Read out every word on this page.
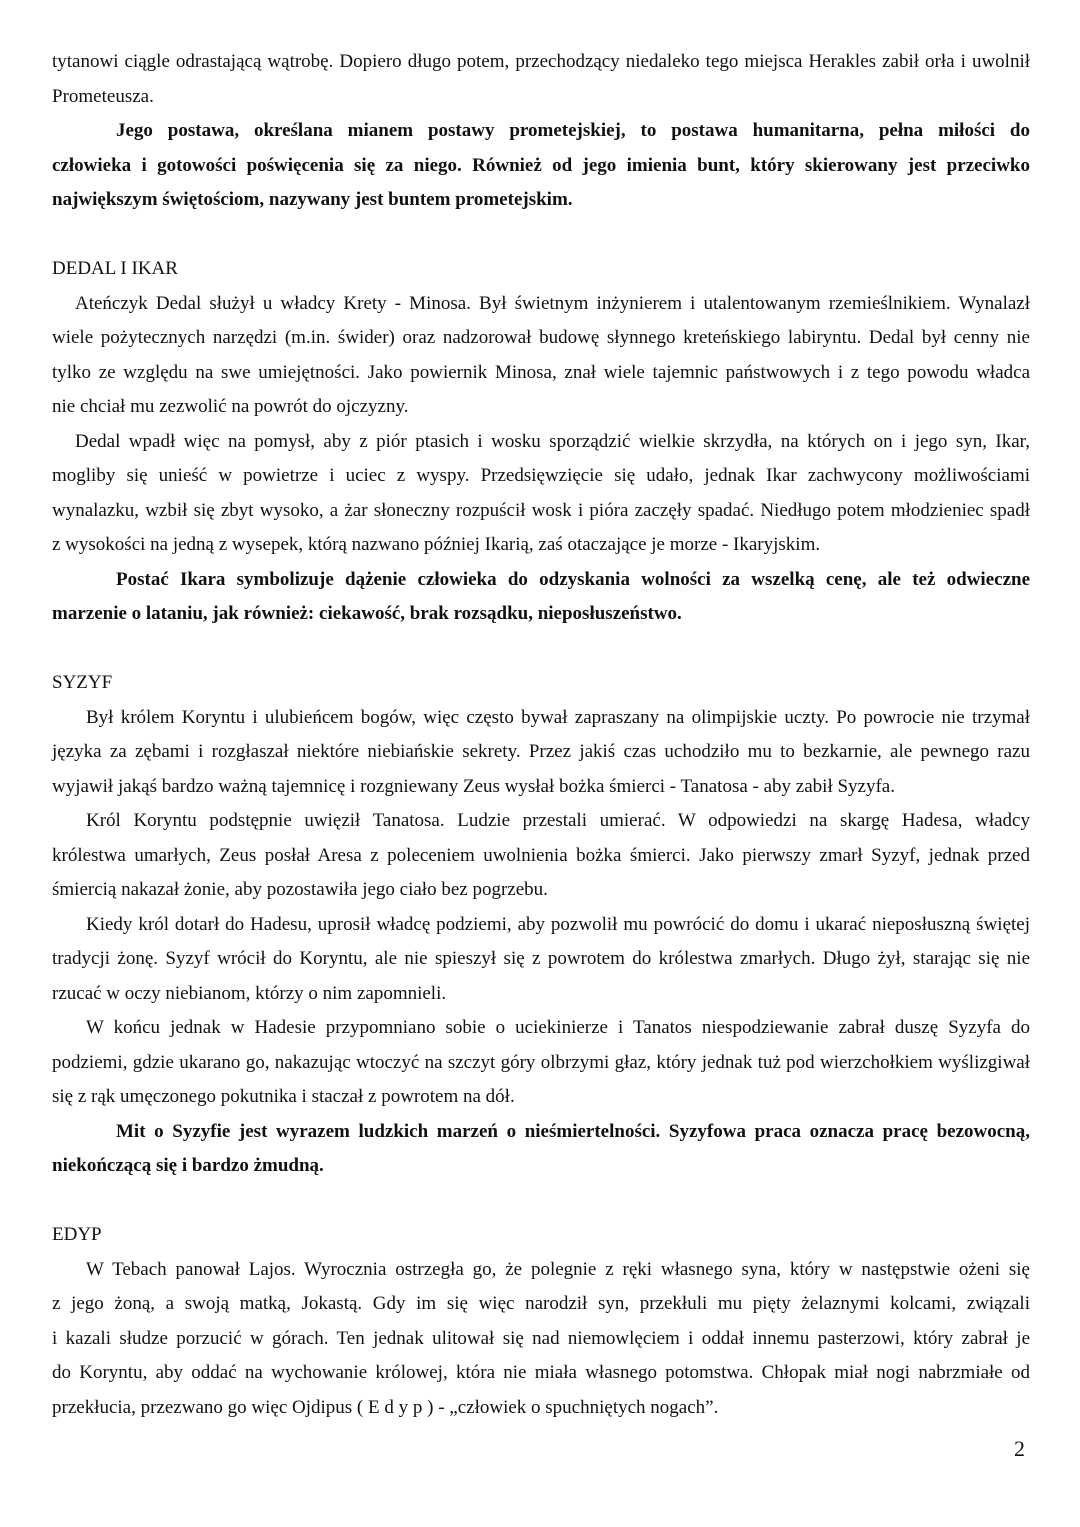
tytanowi ciągle odrastającą wątrobę. Dopiero długo potem, przechodzący niedaleko tego miejsca Herakles zabił orła i uwolnił
Prometeusza.
Jego postawa, określana mianem postawy prometejskiej, to postawa humanitarna, pełna miłości do
człowieka i gotowości poświęcenia się za niego. Również od jego imienia bunt, który skierowany jest przeciwko
największym świętościom, nazywany jest buntem prometejskim.
DEDAL I IKAR
Ateńczyk Dedal służył u władcy Krety - Minosa. Był świetnym inżynierem i utalentowanym rzemieślnikiem. Wynalazł
wiele pożytecznych narzędzi (m.in. świder) oraz nadzorował budowę słynnego kreteńskiego labiryntu. Dedal był cenny nie
tylko ze względu na swe umiejętności. Jako powiernik Minosa, znał wiele tajemnic państwowych i z tego powodu władca
nie chciał mu zezwolić na powrót do ojczyzny.
Dedal wpadł więc na pomysł, aby z piór ptasich i wosku sporządzić wielkie skrzydła, na których on i jego syn, Ikar,
mogliby się unieść w powietrze i uciec z wyspy. Przedsięwzięcie się udało, jednak Ikar zachwycony możliwościami
wynalazku, wzbił się zbyt wysoko, a żar słoneczny rozpuścił wosk i pióra zaczęły spadać. Niedługo potem młodzieniec spadł
z wysokości na jedną z wysepek, którą nazwano później Ikarią, zaś otaczające je morze - Ikaryjskim.
Postać Ikara symbolizuje dążenie człowieka do odzyskania wolności za wszelką cenę, ale też odwieczne
marzenie o lataniu, jak również: ciekawość, brak rozsądku, nieposłuszeństwo.
SYZYF
Był królem Koryntu i ulubieńcem bogów, więc często bywał zapraszany na olimpijskie uczty. Po powrocie nie trzymał
języka za zębami i rozgłaszał niektóre niebiańskie sekrety. Przez jakiś czas uchodziło mu to bezkarnie, ale pewnego razu
wyjawił jakąś bardzo ważną tajemnicę i rozgniewany Zeus wysłał bożka śmierci - Tanatosa - aby zabił Syzyfa.
Król Koryntu podstępnie uwięził Tanatosa. Ludzie przestali umierać. W odpowiedzi na skargę Hadesa, władcy
królestwa umarłych, Zeus posłał Aresa z poleceniem uwolnienia bożka śmierci. Jako pierwszy zmarł Syzyf, jednak przed
śmiercią nakazał żonie, aby pozostawiła jego ciało bez pogrzebu.
Kiedy król dotarł do Hadesu, uprosił władcę podziemi, aby pozwolił mu powrócić do domu i ukarać nieposłuszną świętej
tradycji żonę. Syzyf wrócił do Koryntu, ale nie spieszył się z powrotem do królestwa zmarłych. Długo żył, starając się nie
rzucać w oczy niebianom, którzy o nim zapomnieli.
W końcu jednak w Hadesie przypomniano sobie o uciekinierze i Tanatos niespodziewanie zabrał duszę Syzyfa do
podziemi, gdzie ukarano go, nakazując wtoczyć na szczyt góry olbrzymi głaz, który jednak tuż pod wierzchołkiem wyślizgiwał
się z rąk umęczonego pokutnika i staczał z powrotem na dół.
Mit o Syzyfie jest wyrazem ludzkich marzeń o nieśmiertelności. Syzyfowa praca oznacza pracę bezowocną,
niekończącą się i bardzo żmudną.
EDYP
W Tebach panował Lajos. Wyrocznia ostrzegła go, że polegnie z ręki własnego syna, który w następstwie ożeni się
z jego żoną, a swoją matką, Jokastą. Gdy im się więc narodził syn, przekłuli mu pięty żelaznymi kolcami, związali
i kazali słudze porzucić w górach. Ten jednak ulitował się nad niemowlęciem i oddał innemu pasterzowi, który zabrał je
do Koryntu, aby oddać na wychowanie królowej, która nie miała własnego potomstwa. Chłopak miał nogi nabrzmiałe od
przekłucia, przezwano go więc Ojdipus ( E d y p ) - „człowiek o spuchniętych nogach”.
2
